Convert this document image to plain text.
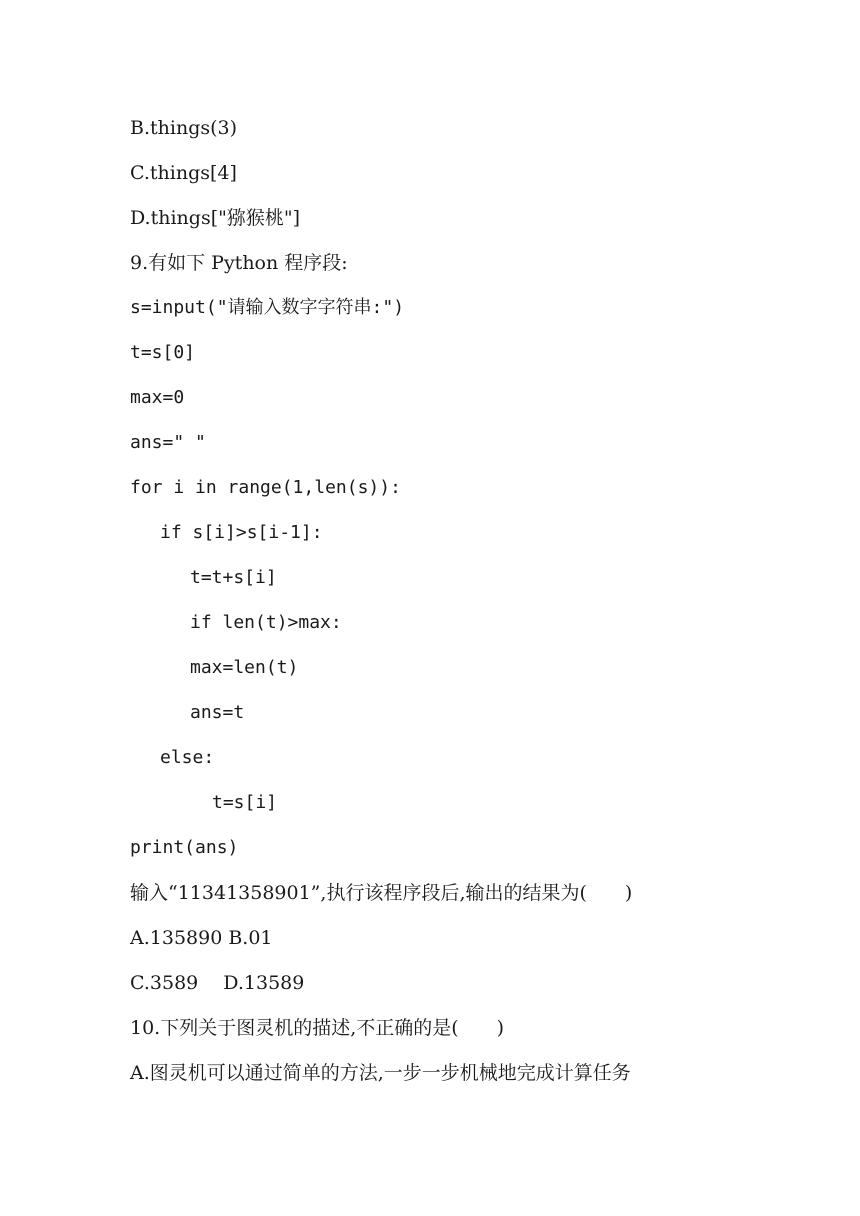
B.things(3)
C.things[4]
D.things["猕猴桃"]
9.有如下 Python 程序段:
s=input("请输入数字字符串:")
t=s[0]
max=0
ans=" "
for i in range(1,len(s)):
if s[i]>s[i-1]:
t=t+s[i]
if len(t)>max:
max=len(t)
ans=t
else:
t=s[i]
print(ans)
输入“11341358901”,执行该程序段后,输出的结果为(　　)
A.135890 B.01
C.3589　 D.13589
10.下列关于图灵机的描述,不正确的是(　　)
A.图灵机可以通过简单的方法,一步一步机械地完成计算任务
